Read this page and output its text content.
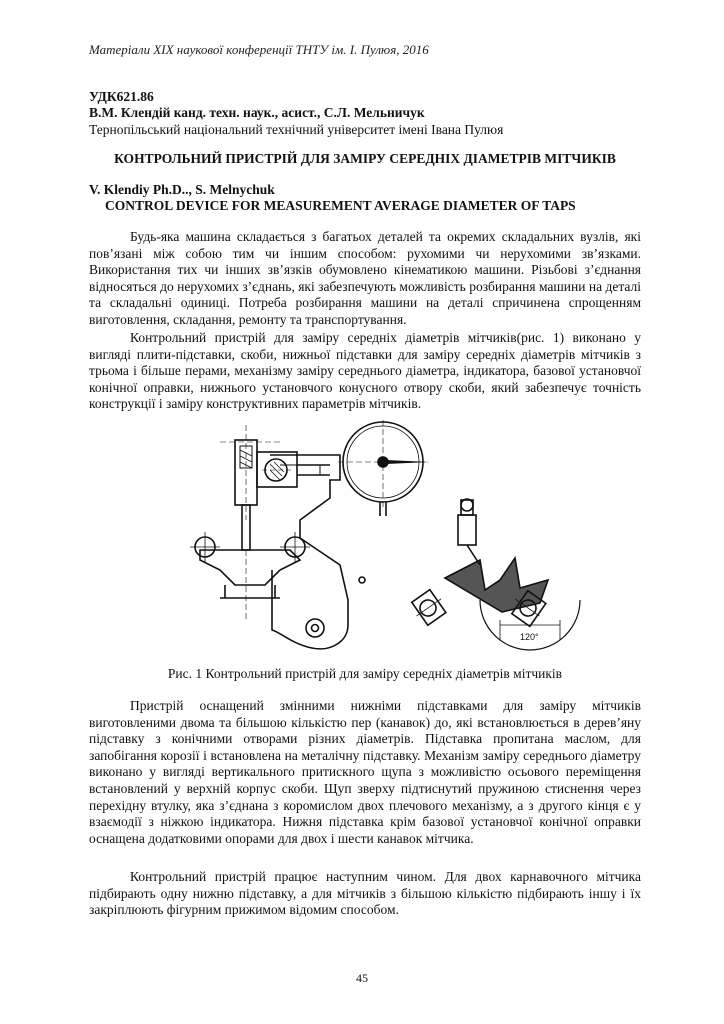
Матеріали ХІХ наукової конференції ТНТУ ім. І. Пулюя, 2016
УДК621.86
В.М. Клендій канд. техн. наук., асист., С.Л. Мельничук
Тернопільський національний технічний університет імені Івана Пулюя
КОНТРОЛЬНИЙ ПРИСТРІЙ ДЛЯ ЗАМІРУ СЕРЕДНІХ ДІАМЕТРІВ МІТЧИКІВ
V. Klendiy Ph.D.., S. Melnychuk
CONTROL DEVICE FOR MEASUREMENT AVERAGE DIAMETER OF TAPS

Будь-яка машина складається з багатьох деталей та окремих складальних вузлів, які пов’язані між собою тим чи іншим способом: рухомими чи нерухомими зв’язками. Використання тих чи інших зв’язків обумовлено кінематикою машини. Різьбові з’єднання відносяться до нерухомих з’єднань, які забезпечують можливість розбирання машини на деталі та складальні одиниці. Потреба розбирання машини на деталі спричинена спрощенням виготовлення, складання, ремонту та транспортування.

Контрольний пристрій для заміру середніх діаметрів мітчиків(рис. 1) виконано у вигляді плити-підставки, скоби, нижньої підставки для заміру середніх діаметрів мітчиків з трьома і більше перами, механізму заміру середнього діаметра, індикатора, базової установчої конічної оправки, нижнього установчого конусного отвору скоби, який забезпечує точність конструкції і заміру конструктивних параметрів мітчиків.

120°
Рис. 1 Контрольний пристрій для заміру середніх діаметрів мітчиків

Пристрій оснащений змінними нижніми підставками для заміру мітчиків виготовленими двома та більшою кількістю пер (канавок) до, які встановлюється в дерев’яну підставку з конічними отворами різних діаметрів. Підставка пропитана маслом, для запобігання корозії і встановлена на металічну підставку. Механізм заміру середнього діаметру виконано у вигляді вертикального притискного щупа з можливістю осьового переміщення встановлений у верхній корпус скоби. Щуп зверху підтиснутий пружиною стиснення через перехідну втулку, яка з’єднана з коромислом двох плечового механізму, а з другого кінця є у взаємодії з ніжкою індикатора. Нижня підставка крім базової установчої конічної оправки оснащена додатковими опорами для двох і шести канавок мітчика.

Контрольний пристрій працює наступним чином. Для двох карнавочного мітчика підбирають одну нижню підставку, а для мітчиків з більшою кількістю підбирають іншу і їх закріплюють фігурним прижимом відомим способом.

45
